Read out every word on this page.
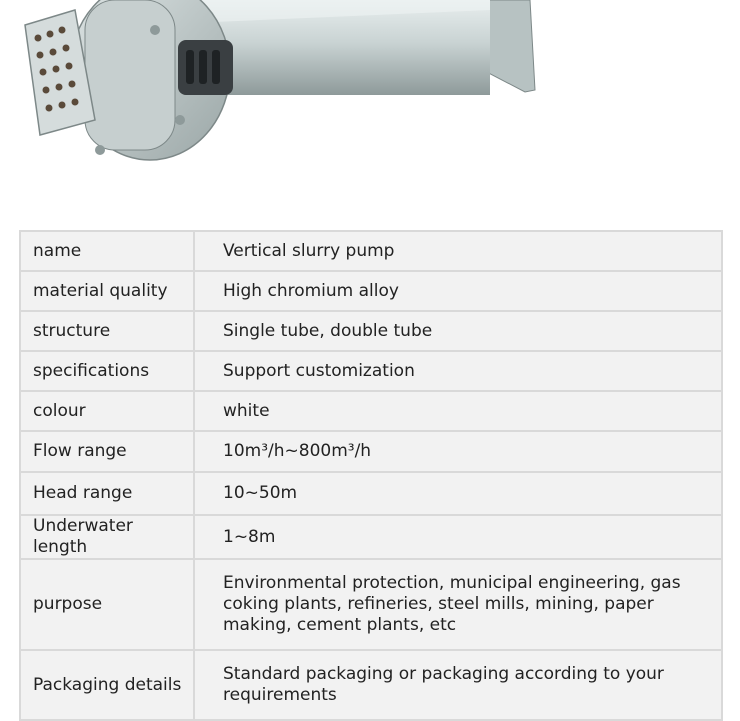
name	Vertical slurry pump
material quality	High chromium alloy
structure	Single tube, double tube
specifications	Support customization
colour	white
Flow range	10m³/h~800m³/h
Head range	10~50m
Underwater length	1~8m
purpose	Environmental protection, municipal engineering, gas coking plants, refineries, steel mills, mining, paper making, cement plants, etc
Packaging details	Standard packaging or packaging according to your requirements
